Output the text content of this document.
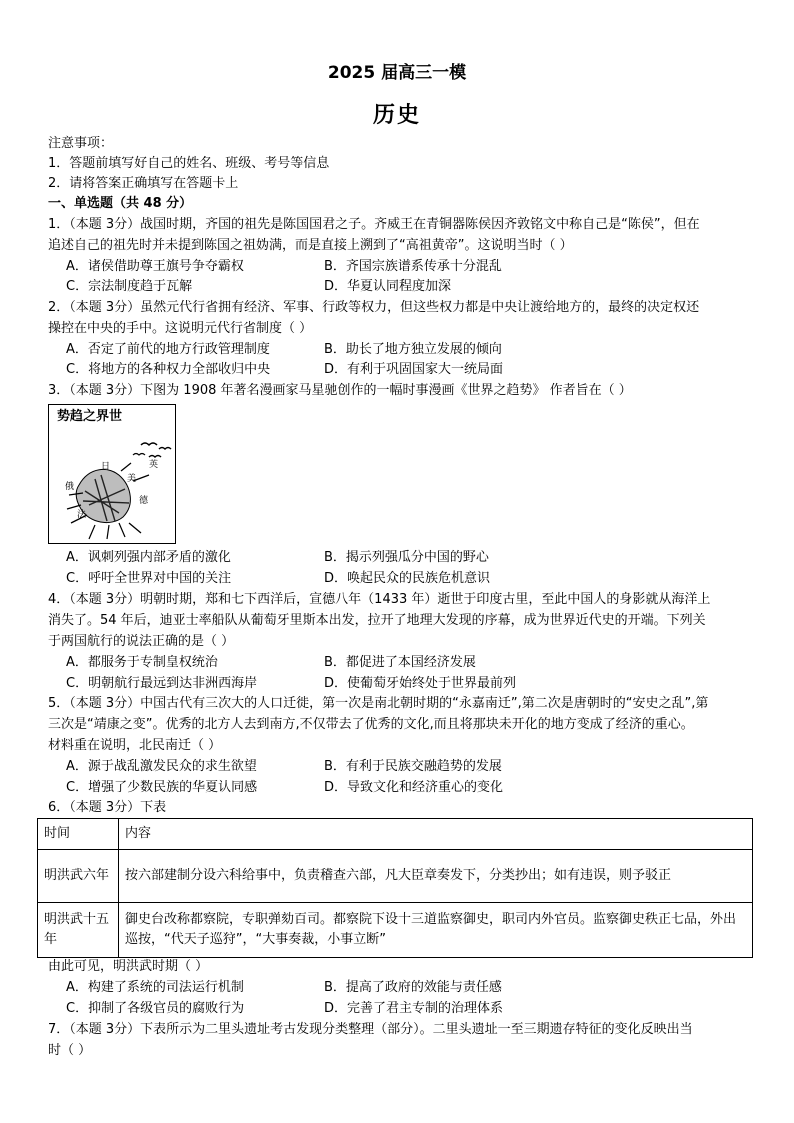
2025 届高三一模
历史
注意事项：
1．答题前填写好自己的姓名、班级、考号等信息
2．请将答案正确填写在答题卡上
一、单选题（共 48 分）
1．（本题 3分）战国时期，齐国的祖先是陈国国君之子。齐威王在青铜器陈侯因齐敦铭文中称自己是“陈侯”，但在
追述自己的祖先时并未提到陈国之祖妫满，而是直接上溯到了“高祖黄帝”。这说明当时（ ）
A．诸侯借助尊王旗号争夺霸权	B．齐国宗族谱系传承十分混乱
C．宗法制度趋于瓦解	D．华夏认同程度加深
2．（本题 3分）虽然元代行省拥有经济、军事、行政等权力，但这些权力都是中央让渡给地方的，最终的决定权还
操控在中央的手中。这说明元代行省制度（ ）
A．否定了前代的地方行政管理制度	B．助长了地方独立发展的倾向
C．将地方的各种权力全部收归中央	D．有利于巩固国家大一统局面
3．（本题 3分）下图为 1908 年著名漫画家马星驰创作的一幅时事漫画《世界之趋势》 作者旨在（ ）
势趋之界世
日
美
英
俄
德
法
A．讽刺列强内部矛盾的激化	B．揭示列强瓜分中国的野心
C．呼吁全世界对中国的关注	D．唤起民众的民族危机意识
4．（本题 3分）明朝时期，郑和七下西洋后，宣德八年（1433 年）逝世于印度古里，至此中国人的身影就从海洋上
消失了。54 年后，迪亚士率船队从葡萄牙里斯本出发，拉开了地理大发现的序幕，成为世界近代史的开端。下列关
于两国航行的说法正确的是（ ）
A．都服务于专制皇权统治	B．都促进了本国经济发展
C．明朝航行最远到达非洲西海岸	D．使葡萄牙始终处于世界最前列
5．（本题 3分）中国古代有三次大的人口迁徙，第一次是南北朝时期的“永嘉南迁”,第二次是唐朝时的“安史之乱”,第
三次是“靖康之变”。优秀的北方人去到南方,不仅带去了优秀的文化,而且将那块未开化的地方变成了经济的重心。
材料重在说明，北民南迁（ ）
A．源于战乱激发民众的求生欲望	B．有利于民族交融趋势的发展
C．增强了少数民族的华夏认同感	D．导致文化和经济重心的变化
6．（本题 3分）下表
时间	内容
明洪武六年	按六部建制分设六科给事中，负责稽查六部，凡大臣章奏发下，分类抄出；如有违误，则予驳正
明洪武十五年	御史台改称都察院，专职弹劾百司。都察院下设十三道监察御史，职司内外官员。监察御史秩正七品，外出巡按，“代天子巡狩”，“大事奏裁，小事立断”
由此可见，明洪武时期（ ）
A．构建了系统的司法运行机制	B．提高了政府的效能与责任感
C．抑制了各级官员的腐败行为	D．完善了君主专制的治理体系
7．（本题 3分）下表所示为二里头遗址考古发现分类整理（部分）。二里头遗址一至三期遗存特征的变化反映出当
时（ ）
